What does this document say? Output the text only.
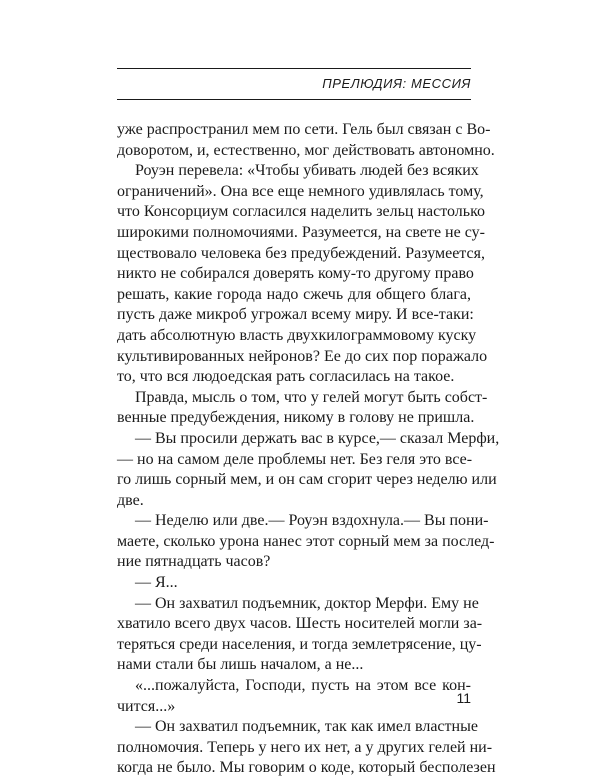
ПРЕЛЮДИЯ: МЕССИЯ
уже распространил мем по сети. Гель был связан с Во-
доворотом, и, естественно, мог действовать автономно.
Роуэн перевела: «Чтобы убивать людей без всяких
ограничений». Она все еще немного удивлялась тому,
что Консорциум согласился наделить зельц настолько
широкими полномочиями. Разумеется, на свете не су-
ществовало человека без предубеждений. Разумеется,
никто не собирался доверять кому-то другому право
решать, какие города надо сжечь для общего блага,
пусть даже микроб угрожал всему миру. И все-таки:
дать абсолютную власть двухкилограммовому куску
культивированных нейронов? Ее до сих пор поражало
то, что вся людоедская рать согласилась на такое.
Правда, мысль о том, что у гелей могут быть собст-
венные предубеждения, никому в голову не пришла.
— Вы просили держать вас в курсе,— сказал Мерфи,
— но на самом деле проблемы нет. Без геля это все-
го лишь сорный мем, и он сам сгорит через неделю или
две.
— Неделю или две.— Роуэн вздохнула.— Вы пони-
маете, сколько урона нанес этот сорный мем за послед-
ние пятнадцать часов?
— Я...
— Он захватил подъемник, доктор Мерфи. Ему не
хватило всего двух часов. Шесть носителей могли за-
теряться среди населения, и тогда землетрясение, цу-
нами стали бы лишь началом, а не...
«...пожалуйста, Господи, пусть на этом все кон-
чится...»
— Он захватил подъемник, так как имел властные
полномочия. Теперь у него их нет, а у других гелей ни-
когда не было. Мы говорим о коде, который бесполезен
11
